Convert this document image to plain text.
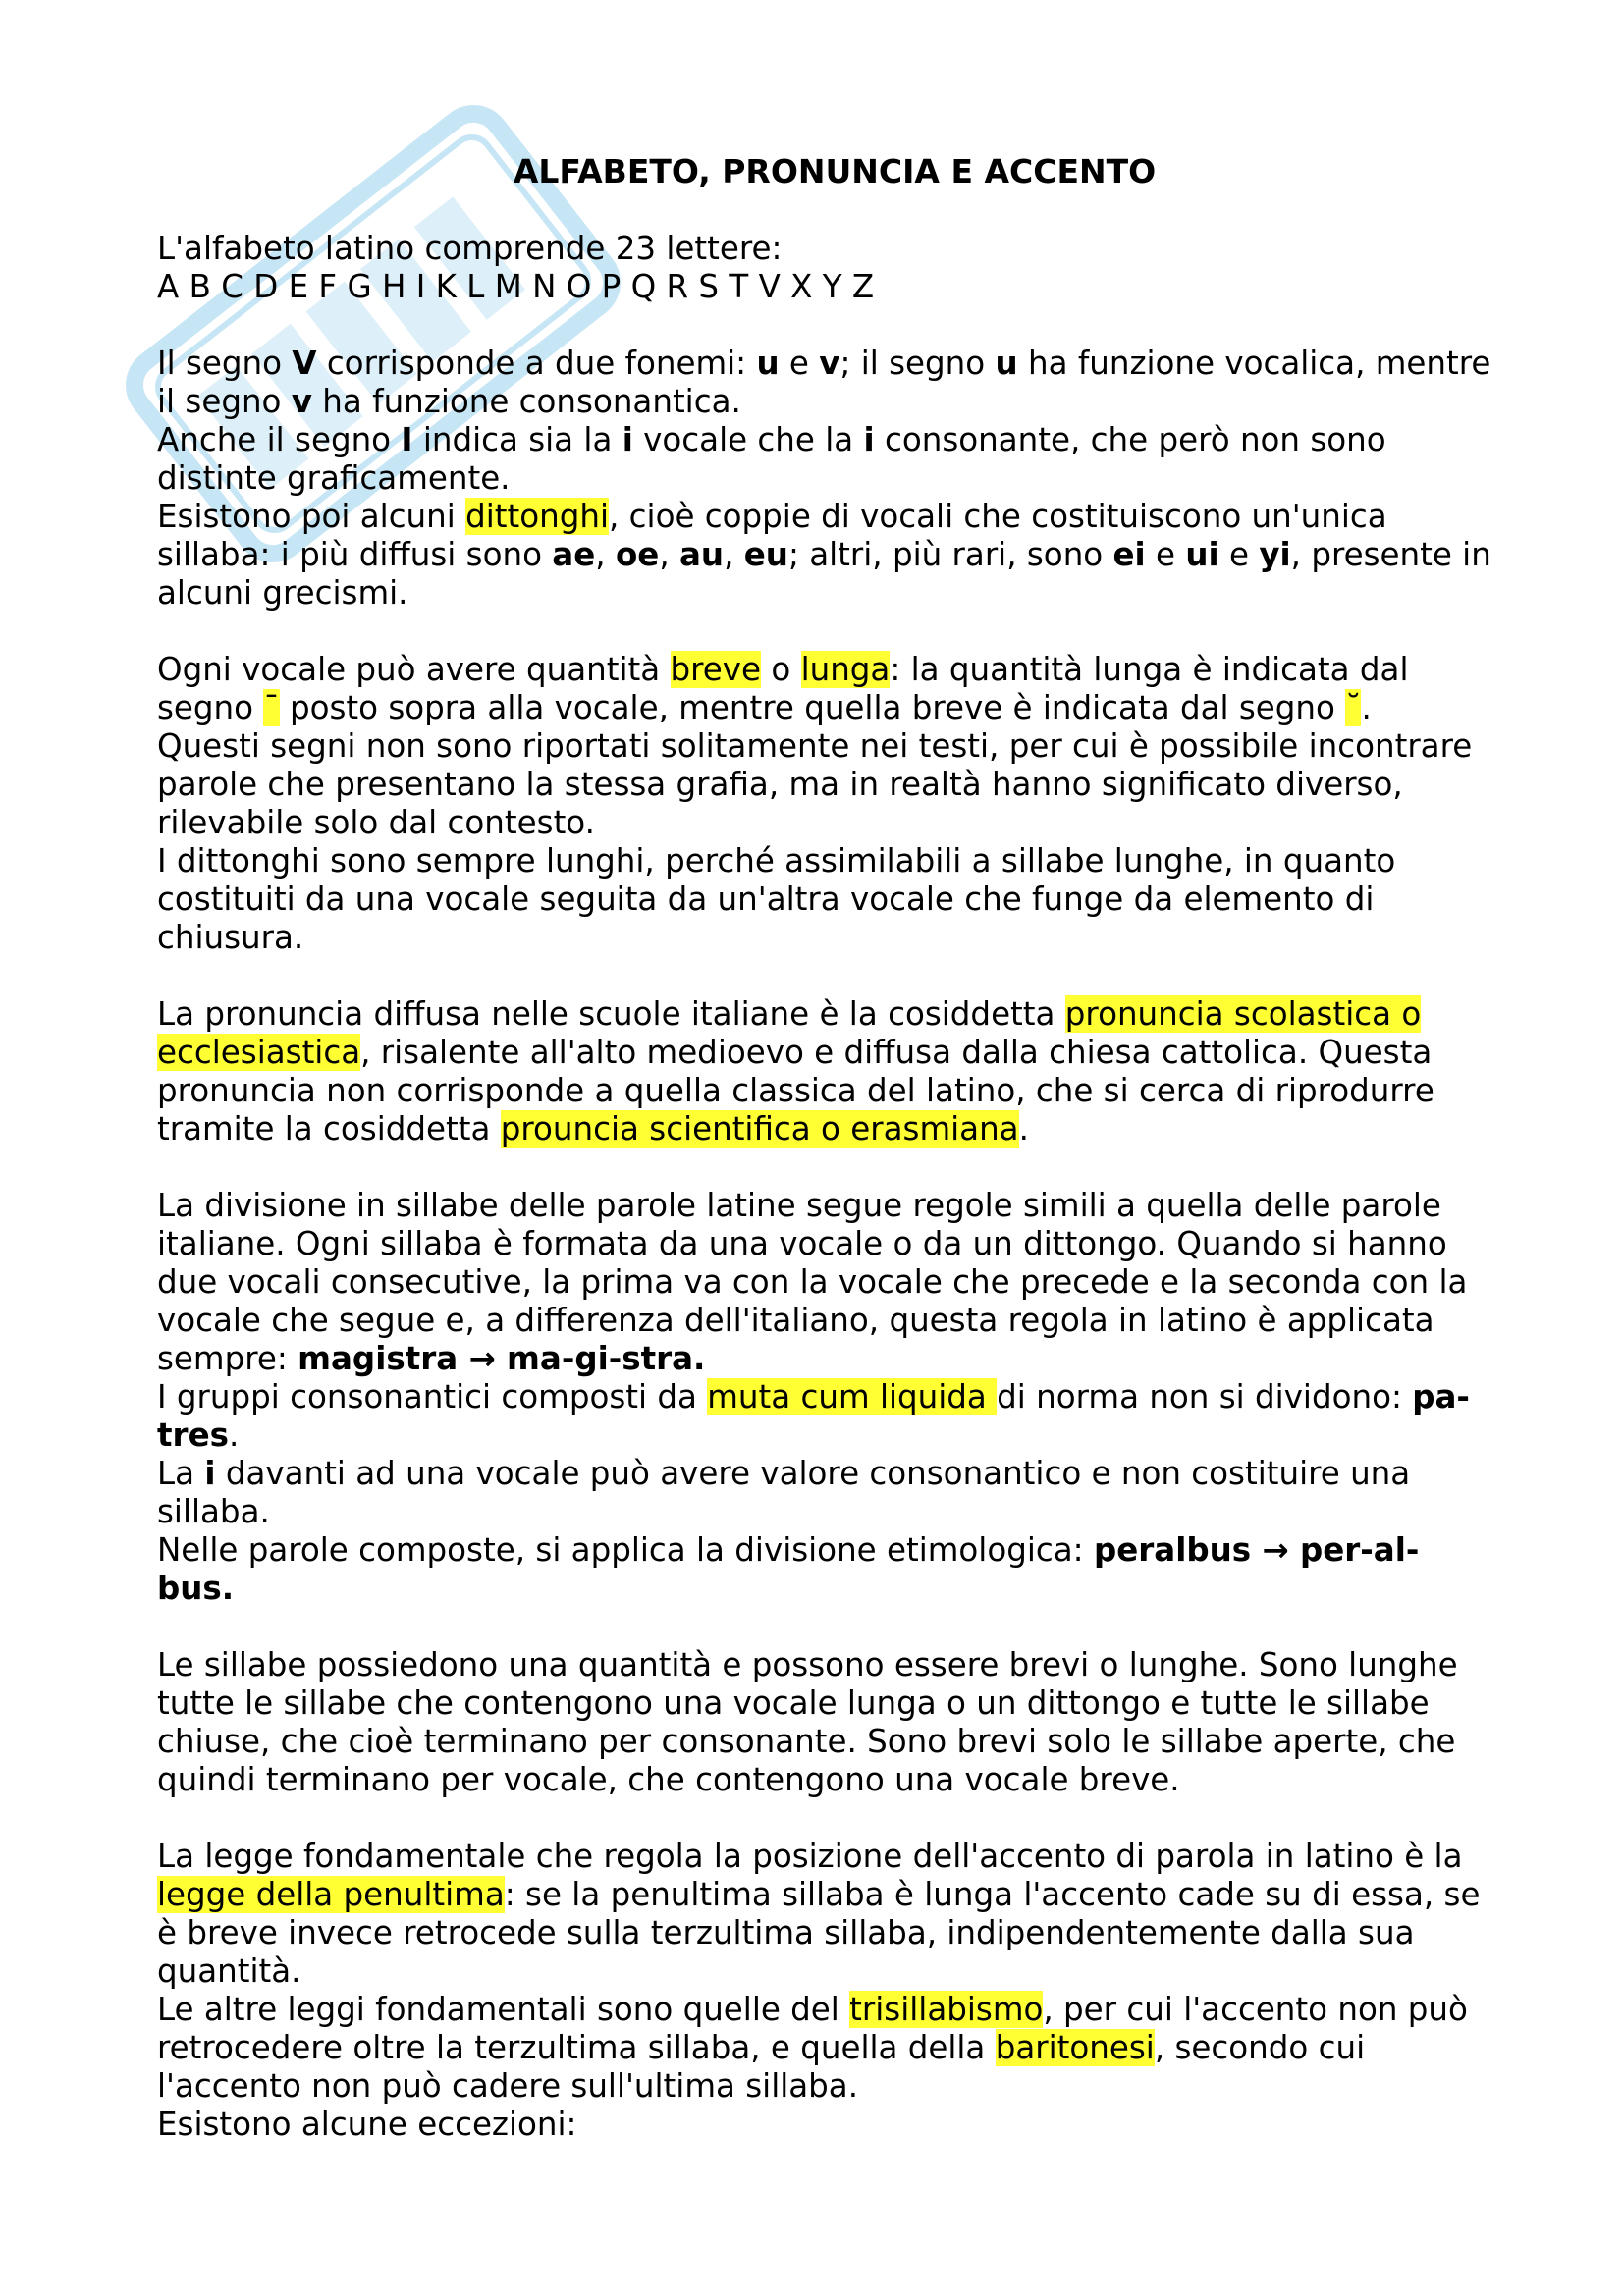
ALFABETO, PRONUNCIA E ACCENTO

L'alfabeto latino comprende 23 lettere:

A B C D E F G H I K L M N O P Q R S T V X Y Z

Il segno V corrisponde a due fonemi: u e v; il segno u ha funzione vocalica, mentre il segno v ha funzione consonantica.

Anche il segno I indica sia la i vocale che la i consonante, che però non sono distinte graficamente.

Esistono poi alcuni dittonghi, cioè coppie di vocali che costituiscono un'unica sillaba: i più diffusi sono ae, oe, au, eu; altri, più rari, sono ei e ui e yi, presente in alcuni grecismi.

Ogni vocale può avere quantità breve o lunga: la quantità lunga è indicata dal segno ¯ posto sopra alla vocale, mentre quella breve è indicata dal segno ˘.

Questi segni non sono riportati solitamente nei testi, per cui è possibile incontrare parole che presentano la stessa grafia, ma in realtà hanno significato diverso, rilevabile solo dal contesto.

I dittonghi sono sempre lunghi, perché assimilabili a sillabe lunghe, in quanto costituiti da una vocale seguita da un'altra vocale che funge da elemento di chiusura.

La pronuncia diffusa nelle scuole italiane è la cosiddetta pronuncia scolastica o ecclesiastica, risalente all'alto medioevo e diffusa dalla chiesa cattolica. Questa pronuncia non corrisponde a quella classica del latino, che si cerca di riprodurre tramite la cosiddetta prouncia scientifica o erasmiana.

La divisione in sillabe delle parole latine segue regole simili a quella delle parole italiane. Ogni sillaba è formata da una vocale o da un dittongo. Quando si hanno due vocali consecutive, la prima va con la vocale che precede e la seconda con la vocale che segue e, a differenza dell'italiano, questa regola in latino è applicata sempre: magistra → ma-gi-stra.

I gruppi consonantici composti da muta cum liquida di norma non si dividono: pa-tres.

La i davanti ad una vocale può avere valore consonantico e non costituire una sillaba.

Nelle parole composte, si applica la divisione etimologica: peralbus → per-al-bus.

Le sillabe possiedono una quantità e possono essere brevi o lunghe. Sono lunghe tutte le sillabe che contengono una vocale lunga o un dittongo e tutte le sillabe chiuse, che cioè terminano per consonante. Sono brevi solo le sillabe aperte, che quindi terminano per vocale, che contengono una vocale breve.

La legge fondamentale che regola la posizione dell'accento di parola in latino è la legge della penultima: se la penultima sillaba è lunga l'accento cade su di essa, se è breve invece retrocede sulla terzultima sillaba, indipendentemente dalla sua quantità.

Le altre leggi fondamentali sono quelle del trisillabismo, per cui l'accento non può retrocedere oltre la terzultima sillaba, e quella della baritonesi, secondo cui l'accento non può cadere sull'ultima sillaba.

Esistono alcune eccezioni:
